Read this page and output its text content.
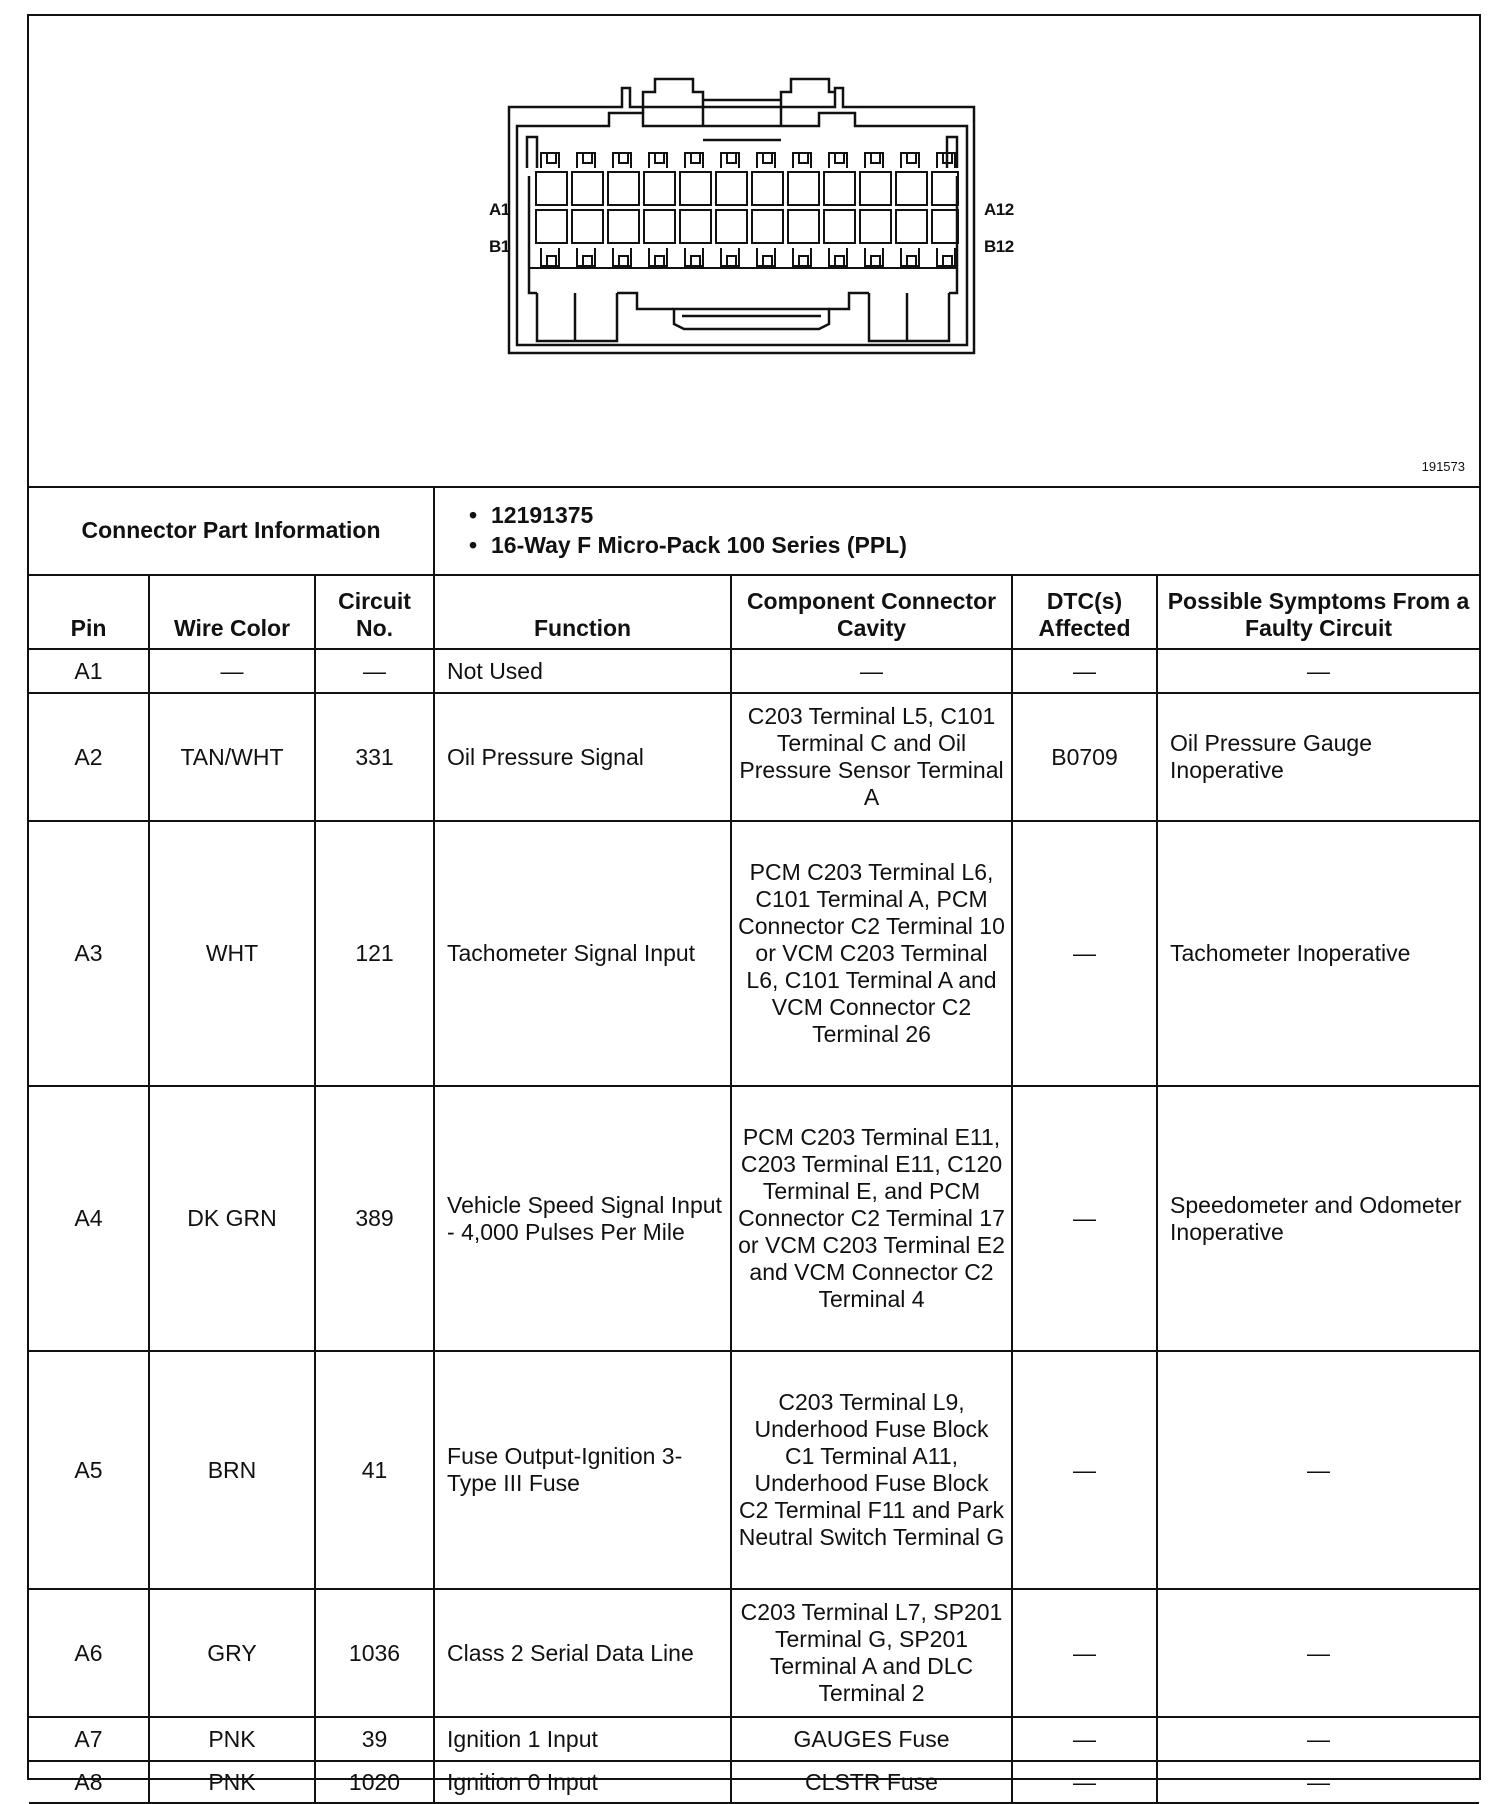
A1
B1
A12
B12
191573
Connector Part Information			• 12191375
• 16-Way F Micro-Pack 100 Series (PPL)			

Pin	Wire Color	Circuit No.	Function	Component Connector Cavity	DTC(s) Affected	Possible Symptoms From a Faulty Circuit
A1	—	—	Not Used	—	—	—
A2	TAN/WHT	331	Oil Pressure Signal	C203 Terminal L5, C101 Terminal C and Oil Pressure Sensor Terminal A	B0709	Oil Pressure Gauge Inoperative
A3	WHT	121	Tachometer Signal Input	PCM C203 Terminal L6, C101 Terminal A, PCM Connector C2 Terminal 10 or VCM C203 Terminal L6, C101 Terminal A and VCM Connector C2 Terminal 26	—	Tachometer Inoperative
A4	DK GRN	389	Vehicle Speed Signal Input - 4,000 Pulses Per Mile	PCM C203 Terminal E11, C203 Terminal E11, C120 Terminal E, and PCM Connector C2 Terminal 17 or VCM C203 Terminal E2 and VCM Connector C2 Terminal 4	—	Speedometer and Odometer Inoperative
A5	BRN	41	Fuse Output-Ignition 3-Type III Fuse	C203 Terminal L9, Underhood Fuse Block C1 Terminal A11, Underhood Fuse Block C2 Terminal F11 and Park Neutral Switch Terminal G	—	—
A6	GRY	1036	Class 2 Serial Data Line	C203 Terminal L7, SP201 Terminal G, SP201 Terminal A and DLC Terminal 2	—	—
A7	PNK	39	Ignition 1 Input	GAUGES Fuse	—	—
A8	PNK	1020	Ignition 0 Input	CLSTR Fuse	—	—
